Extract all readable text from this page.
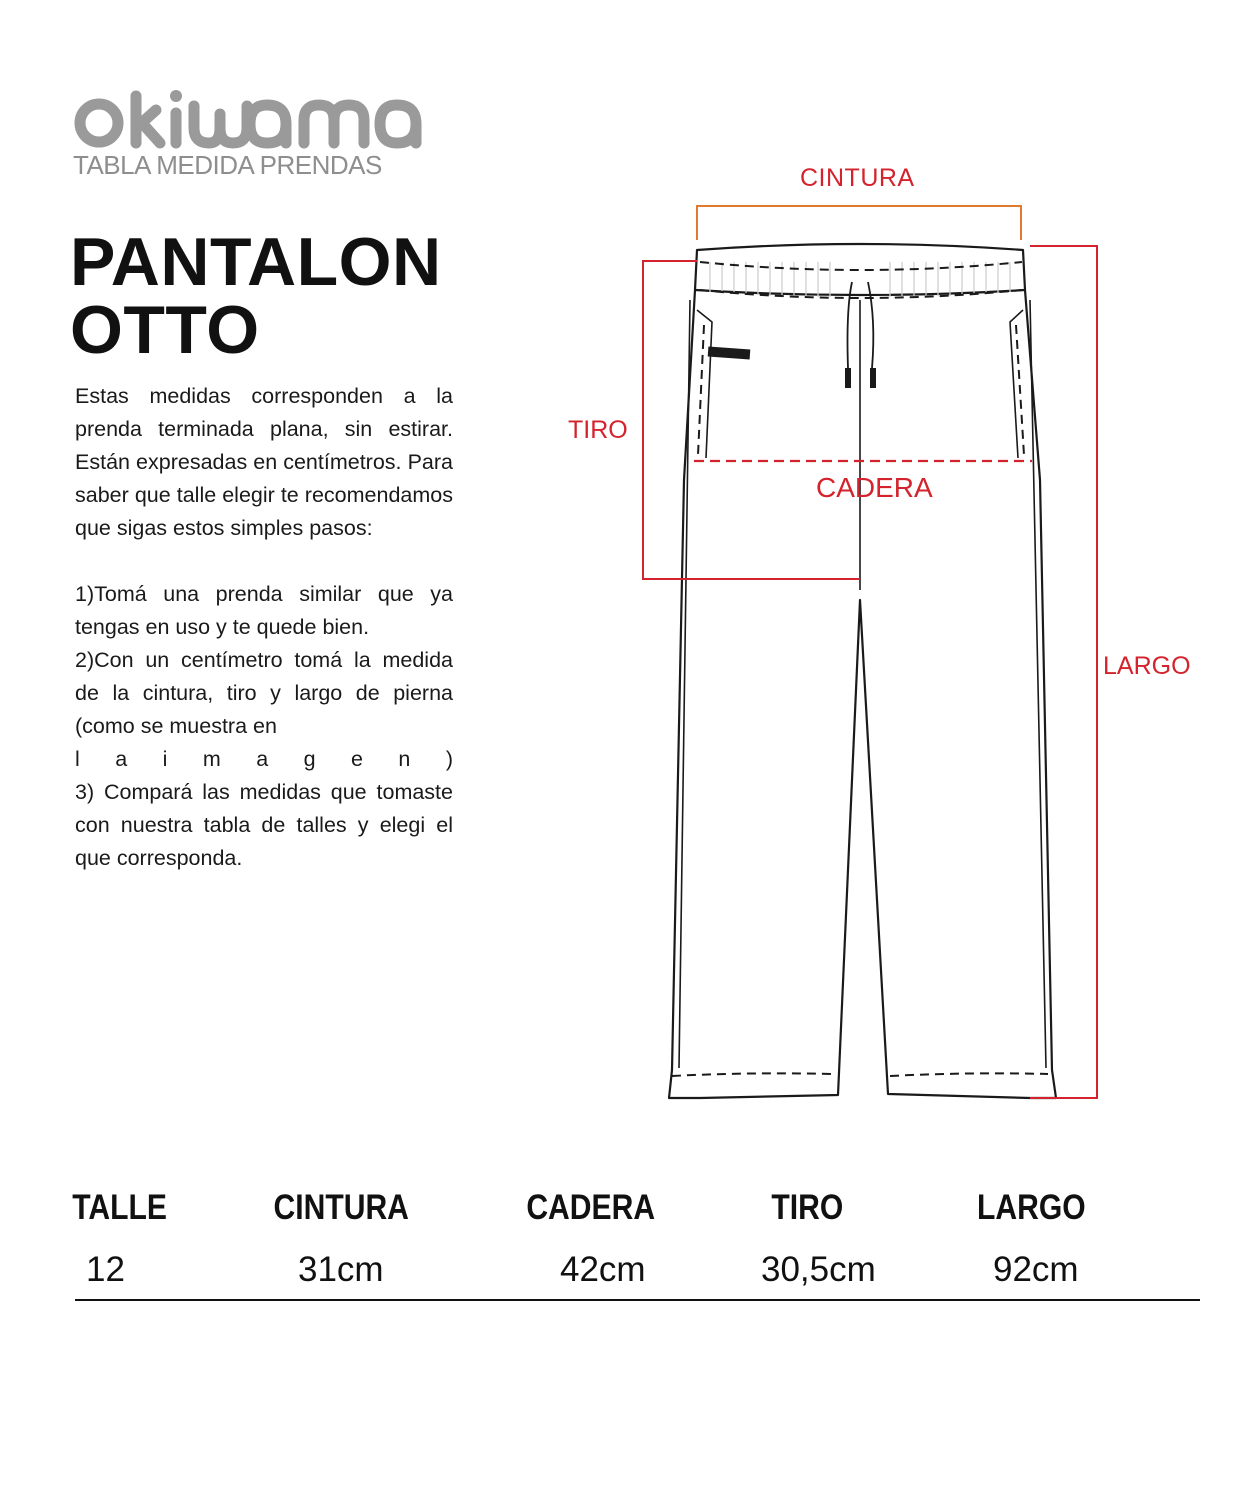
TABLA MEDIDA PRENDAS
PANTALON
OTTO

Estas medidas corresponden a la prenda terminada plana, sin estirar. Están expresadas en centímetros. Para saber que talle elegir te recomendamos que sigas estos simples pasos:

1)Tomá una prenda similar que ya tengas en uso y te quede bien.

2)Con un centímetro tomá la medida de la cintura, tiro y largo de pierna (como se muestra en

l a i m a g e n )

3) Compará las medidas que tomaste con nuestra tabla de talles y elegi el que corresponda.

CINTURA
TIRO
CADERA
LARGO
TALLE	CINTURA	CADERA	TIRO	LARGO
12	31cm	42cm	30,5cm	92cm
